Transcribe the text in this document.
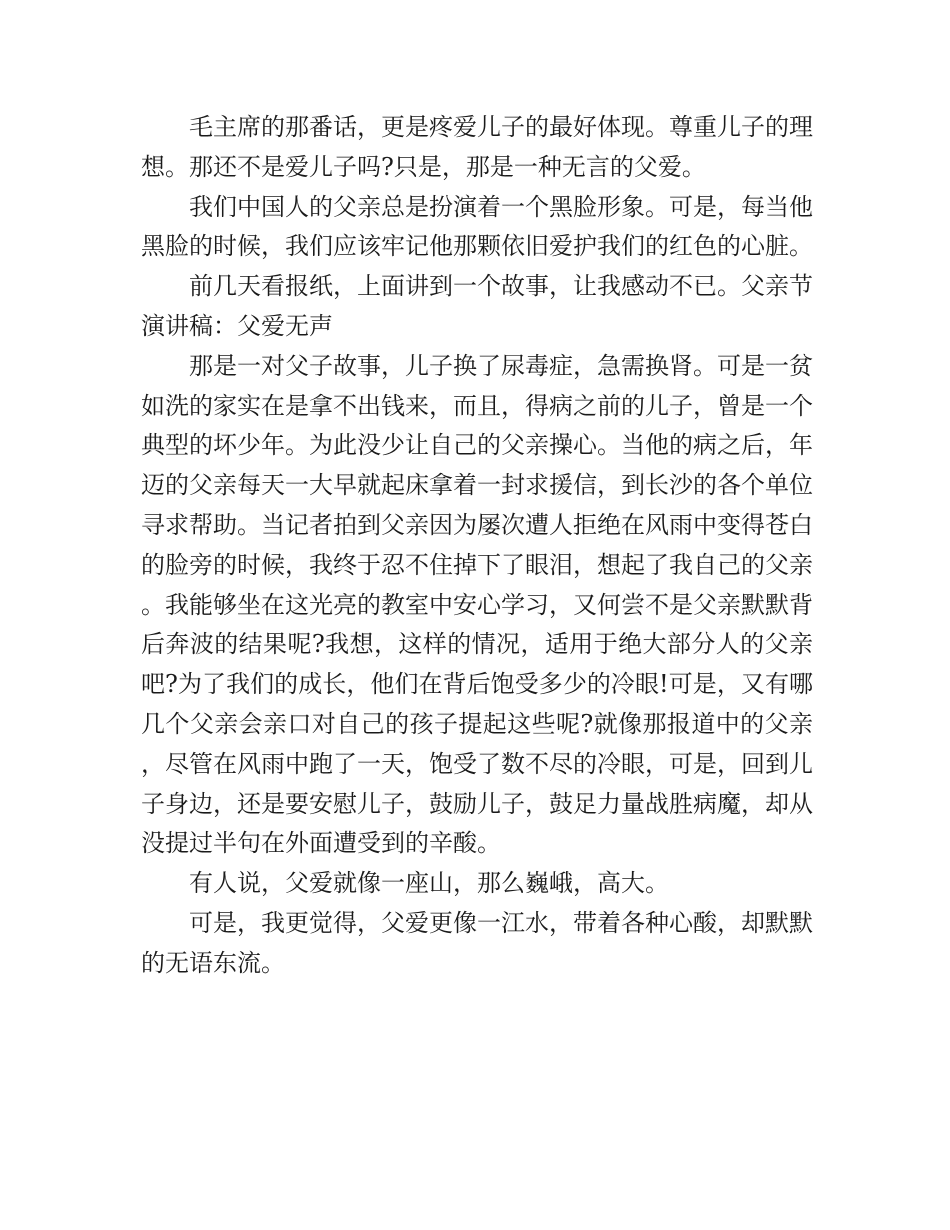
毛主席的那番话，更是疼爱儿子的最好体现。尊重儿子的理想。那还不是爱儿子吗?只是，那是一种无言的父爱。

我们中国人的父亲总是扮演着一个黑脸形象。可是，每当他黑脸的时候，我们应该牢记他那颗依旧爱护我们的红色的心脏。

前几天看报纸，上面讲到一个故事，让我感动不已。父亲节演讲稿：父爱无声

那是一对父子故事，儿子换了尿毒症，急需换肾。可是一贫如洗的家实在是拿不出钱来，而且，得病之前的儿子，曾是一个典型的坏少年。为此没少让自己的父亲操心。当他的病之后，年迈的父亲每天一大早就起床拿着一封求援信，到长沙的各个单位寻求帮助。当记者拍到父亲因为屡次遭人拒绝在风雨中变得苍白的脸旁的时候，我终于忍不住掉下了眼泪，想起了我自己的父亲。我能够坐在这光亮的教室中安心学习，又何尝不是父亲默默背后奔波的结果呢?我想，这样的情况，适用于绝大部分人的父亲吧?为了我们的成长，他们在背后饱受多少的冷眼!可是，又有哪几个父亲会亲口对自己的孩子提起这些呢?就像那报道中的父亲，尽管在风雨中跑了一天，饱受了数不尽的冷眼，可是，回到儿子身边，还是要安慰儿子，鼓励儿子，鼓足力量战胜病魔，却从没提过半句在外面遭受到的辛酸。

有人说，父爱就像一座山，那么巍峨，高大。

可是，我更觉得，父爱更像一江水，带着各种心酸，却默默的无语东流。
